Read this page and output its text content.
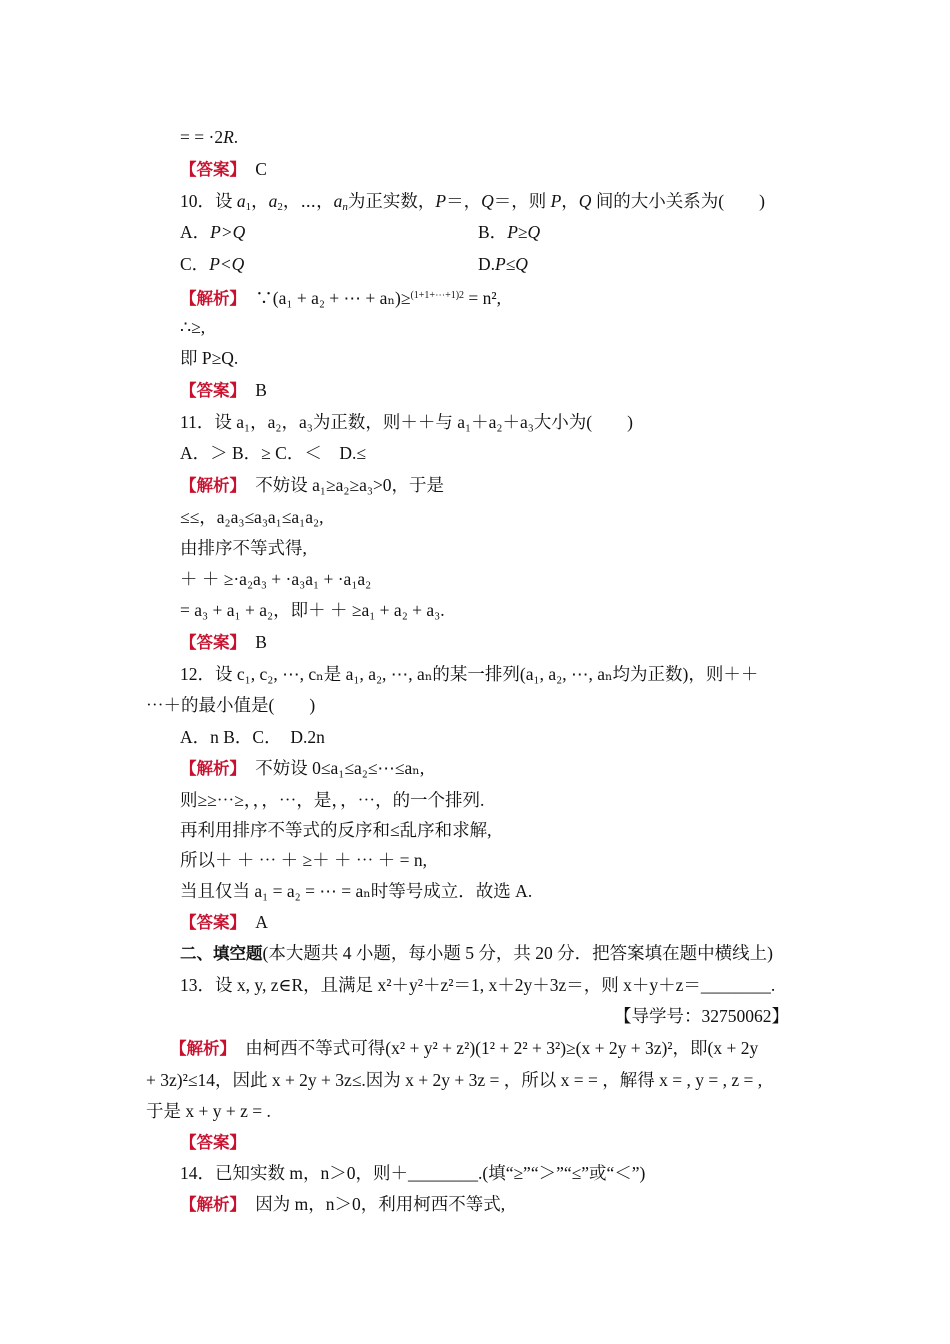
= = ·2R.
【答案】　 C
10．设 $a_1$，$a_2$，⋯，$a_n$为正实数，P＝，Q＝，则 P，Q 间的大小关系为(　　)
A．P>Q	B．P≥Q
C．P<Q	D.P≤Q
【解析】　 ∵(a₁ + a₂ + ⋯ + aₙ)≥$^{(1+1+\cdots+1)2}$ = n²,
∴≥,
即 P≥Q.
【答案】　 B
11．设 a₁，a₂，a₃为正数，则＋＋与 a₁＋a₂＋a₃大小为(　　)
A．＞ B．≥ C．＜　D.≤
【解析】　 不妨设 a₁≥a₂≥a₃>0，于是
≤≤，a₂a₃≤a₃a₁≤a₁a₂,
由排序不等式得,
＋ ＋ ≥·a₂a₃ + ·a₃a₁ + ·a₁a₂
= a₃ + a₁ + a₂，即＋ ＋ ≥a₁ + a₂ + a₃.
【答案】　 B
12．设 c₁, c₂, ⋯, cₙ是 a₁, a₂, ⋯, aₙ的某一排列(a₁, a₂, ⋯, aₙ均为正数)，则＋＋
⋯＋的最小值是(　　)
A．n B．C．　D.2n
【解析】　 不妨设 0≤a₁≤a₂≤⋯≤aₙ,
则≥≥⋯≥，，，⋯，是，，⋯，的一个排列.
再利用排序不等式的反序和≤乱序和求解,
所以＋ ＋ ⋯ ＋ ≥＋ ＋ ⋯ ＋ = n,
当且仅当 a₁ = a₂ = ⋯ = aₙ时等号成立．故选 A.
【答案】　 A
二、填空题(本大题共 4 小题，每小题 5 分，共 20 分．把答案填在题中横线上)
13．设 x, y, z∈R，且满足 x²＋y²＋z²＝1, x＋2y＋3z＝，则 x＋y＋z＝________.
【导学号：32750062】
【解析】　 由柯西不等式可得(x² + y² + z²)(1² + 2² + 3²)≥(x + 2y + 3z)²，即(x + 2y
+ 3z)²≤14，因此 x + 2y + 3z≤.因为 x + 2y + 3z = ，所以 x = = ，解得 x = , y = , z = ,
于是 x + y + z = .
【答案】　
14．已知实数 m，n＞0，则＋________.(填“≥”“＞”“≤”或“＜”)
【解析】　 因为 m，n＞0，利用柯西不等式,
